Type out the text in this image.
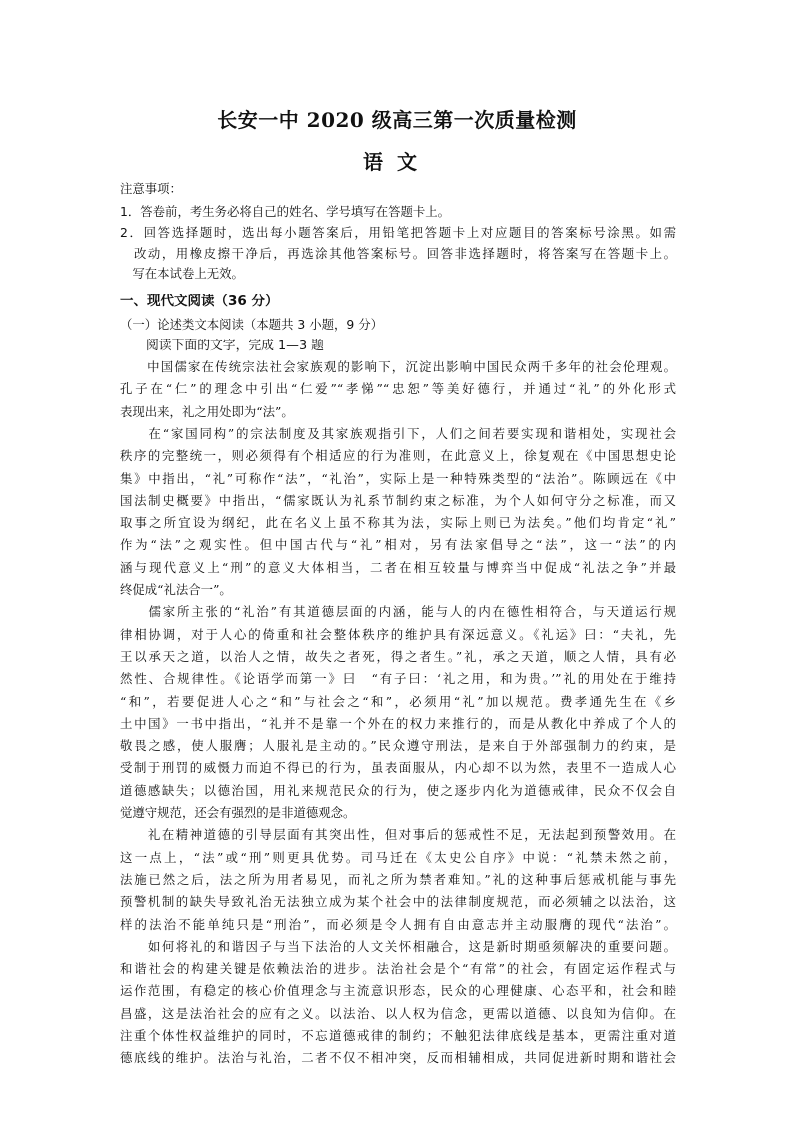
长安一中 2020 级高三第一次质量检测
语文
注意事项：
1．答卷前，考生务必将自己的姓名、学号填写在答题卡上。
2．回答选择题时，选出每小题答案后，用铅笔把答题卡上对应题目的答案标号涂黑。如需
　改动，用橡皮擦干净后，再选涂其他答案标号。回答非选择题时，将答案写在答题卡上。
　写在本试卷上无效。
一、现代文阅读（36 分）
（一）论述类文本阅读（本题共 3 小题，9 分）
阅读下面的文字，完成 1—3 题
　　中国儒家在传统宗法社会家族观的影响下，沉淀出影响中国民众两千多年的社会伦理观。
孔子在“仁”的理念中引出“仁爱”“孝悌”“忠恕”等美好德行，并通过“礼”的外化形式
表现出来，礼之用处即为“法”。
　　在“家国同构”的宗法制度及其家族观指引下，人们之间若要实现和谐相处，实现社会
秩序的完整统一，则必须得有个相适应的行为准则，在此意义上，徐复观在《中国思想史论
集》中指出，“礼”可称作“法”，“礼治”，实际上是一种特殊类型的“法治”。陈顾远在《中
国法制史概要》中指出，“儒家既认为礼系节制约束之标准，为个人如何守分之标准，而又
取事之所宜设为纲纪，此在名义上虽不称其为法，实际上则已为法矣。”他们均肯定“礼”
作为“法”之观实性。但中国古代与“礼”相对，另有法家倡导之“法”，这一“法”的内
涵与现代意义上“刑”的意义大体相当，二者在相互较量与博弈当中促成“礼法之争”并最
终促成“礼法合一”。
　　儒家所主张的“礼治”有其道德层面的内涵，能与人的内在德性相符合，与天道运行规
律相协调，对于人心的倚重和社会整体秩序的维护具有深远意义。《礼运》曰：“夫礼，先
王以承天之道，以治人之情，故失之者死，得之者生。”礼，承之天道，顺之人情，具有必
然性、合规律性。《论语学而第一》曰　“有子曰：‘礼之用，和为贵。’”礼的用处在于维持
“和”，若要促进人心之“和”与社会之“和”，必须用“礼”加以规范。费孝通先生在《乡
土中国》一书中指出，“礼并不是靠一个外在的权力来推行的，而是从教化中养成了个人的
敬畏之感，使人服膺；人服礼是主动的。”民众遵守刑法，是来自于外部强制力的约束，是
受制于刑罚的威慑力而迫不得已的行为，虽表面服从，内心却不以为然，表里不一造成人心
道德感缺失；以德治国，用礼来规范民众的行为，使之逐步内化为道德戒律，民众不仅会自
觉遵守规范，还会有强烈的是非道德观念。
　　礼在精神道德的引导层面有其突出性，但对事后的惩戒性不足，无法起到预警效用。在
这一点上，“法”或“刑”则更具优势。司马迁在《太史公自序》中说：“礼禁未然之前，
法施已然之后，法之所为用者易见，而礼之所为禁者难知。”礼的这种事后惩戒机能与事先
预警机制的缺失导致礼治无法独立成为某个社会中的法律制度规范，而必须辅之以法治，这
样的法治不能单纯只是“刑治”，而必须是令人拥有自由意志并主动服膺的现代“法治”。
　　如何将礼的和谐因子与当下法治的人文关怀相融合，这是新时期亟须解决的重要问题。
和谐社会的构建关键是依赖法治的进步。法治社会是个“有常”的社会，有固定运作程式与
运作范围，有稳定的核心价值理念与主流意识形态，民众的心理健康、心态平和，社会和睦
昌盛，这是法治社会的应有之义。以法治、以人权为信念，更需以道德、以良知为信仰。在
注重个体性权益维护的同时，不忘道德戒律的制约；不触犯法律底线是基本，更需注重对道
德底线的维护。法治与礼治，二者不仅不相冲突，反而相辅相成，共同促进新时期和谐社会
